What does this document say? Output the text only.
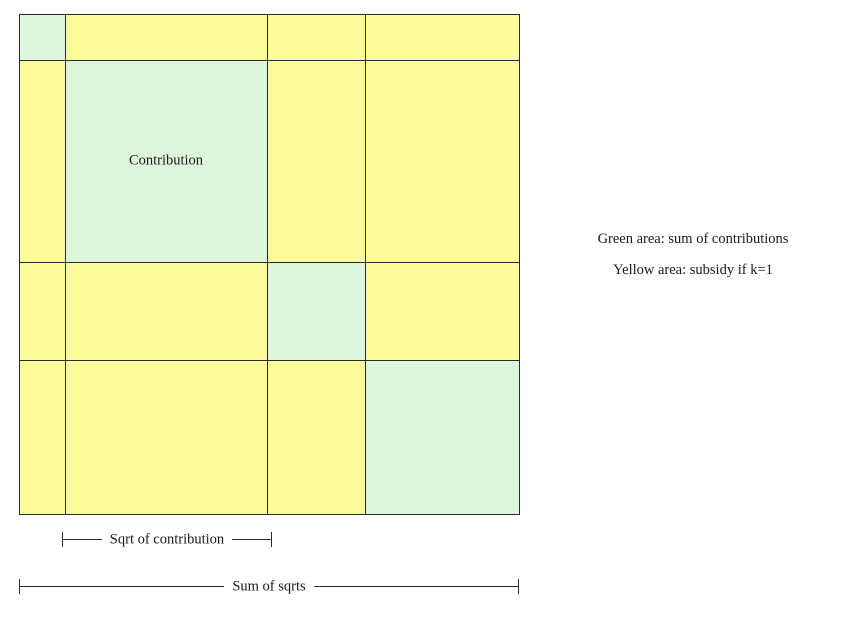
Contribution
Sqrt of contribution
Sum of sqrts
Green area: sum of contributions
Yellow area: subsidy if k=1
